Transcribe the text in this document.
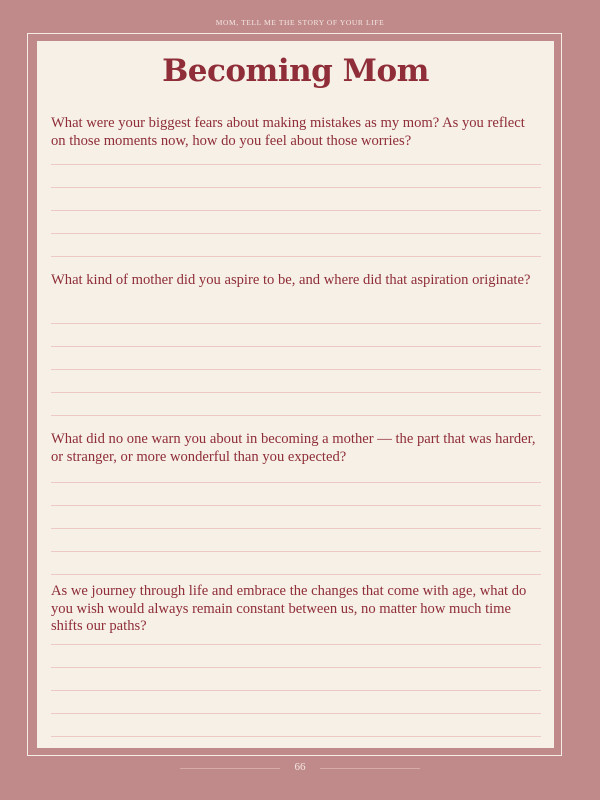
MOM, TELL ME THE STORY OF YOUR LIFE
Becoming Mom
What were your biggest fears about making mistakes as my mom? As you reflect on those moments now, how do you feel about those worries?
What kind of mother did you aspire to be, and where did that aspiration originate?
What did no one warn you about in becoming a mother — the part that was harder, or stranger, or more wonderful than you expected?
As we journey through life and embrace the changes that come with age, what do you wish would always remain constant between us, no matter how much time shifts our paths?
66
